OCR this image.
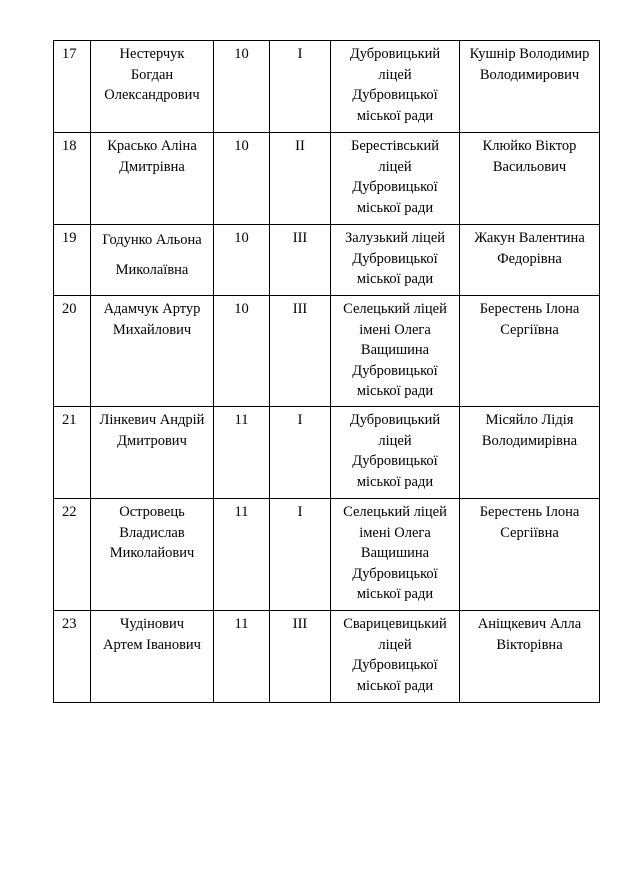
17	Нестерчук
Богдан
Олександрович	10	I	Дубровицький
ліцей
Дубровицької
міської ради	Кушнір Володимир
Володимирович
18	Красько Аліна
Дмитрівна	10	II	Берестівський
ліцей
Дубровицької
міської ради	Клюйко Віктор
Васильович
19	Годунко Альона
Миколаївна	10	III	Залузький ліцей
Дубровицької
міської ради	Жакун Валентина
Федорівна
20	Адамчук Артур
Михайлович	10	III	Селецький ліцей
імені Олега
Ващишина
Дубровицької
міської ради	Берестень Ілона
Сергіївна
21	Лінкевич Андрій
Дмитрович	11	I	Дубровицький
ліцей
Дубровицької
міської ради	Місяйло Лідія
Володимирівна
22	Островець
Владислав
Миколайович	11	I	Селецький ліцей
імені Олега
Ващишина
Дубровицької
міської ради	Берестень Ілона
Сергіївна
23	Чудінович
Артем Іванович	11	III	Сварицевицький
ліцей
Дубровицької
міської ради	Аніщкевич Алла
Вікторівна
